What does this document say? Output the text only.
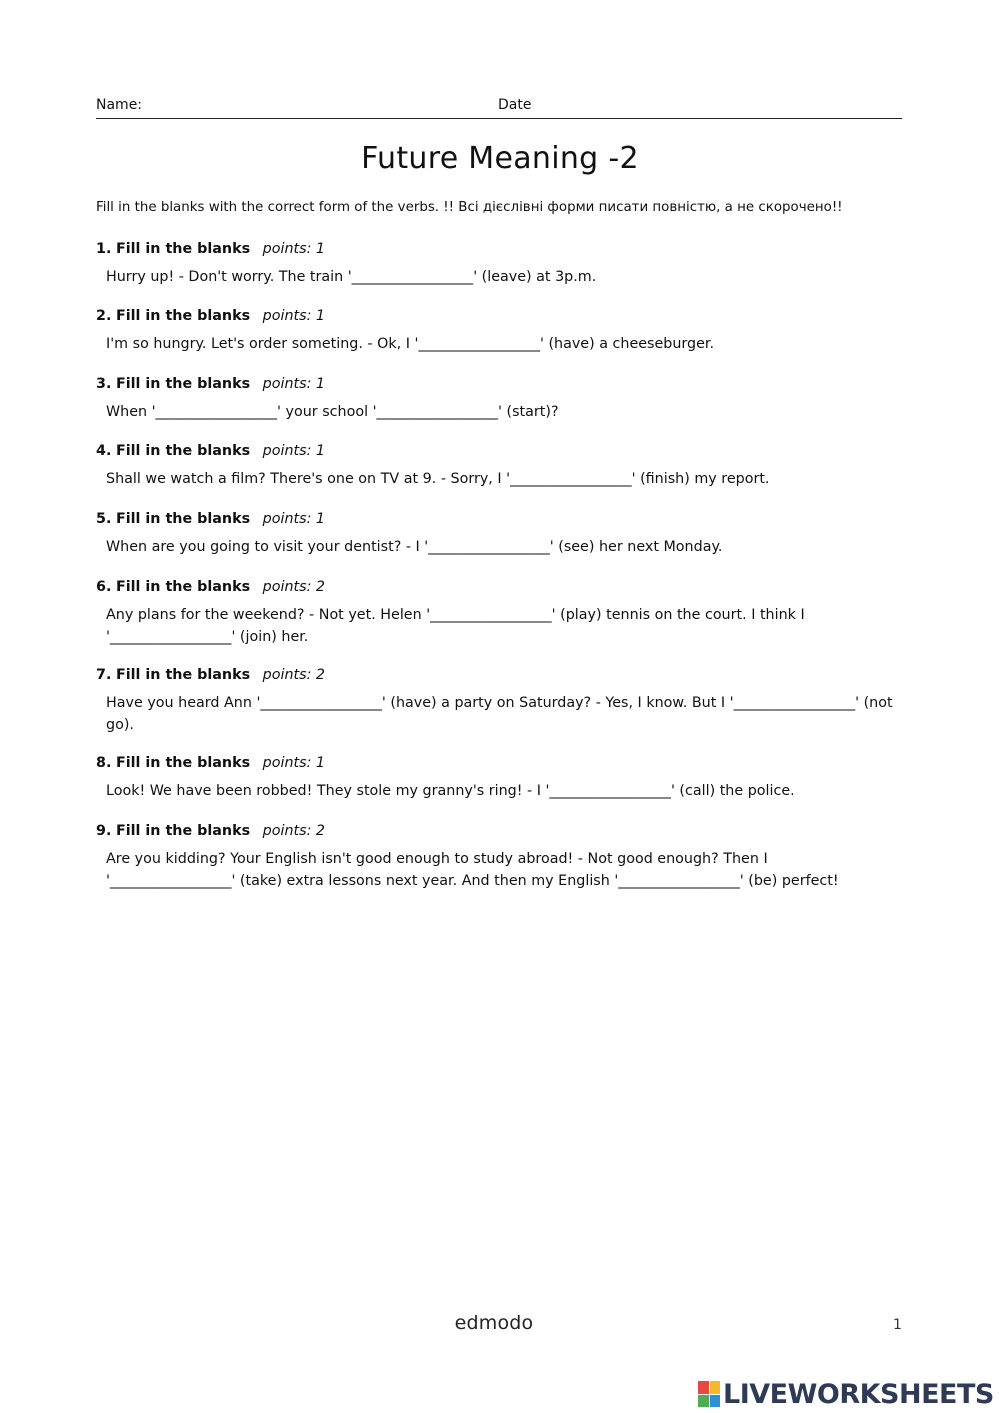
Name:	Date
Future Meaning -2
Fill in the blanks with the correct form of the verbs. !! Всі дієслівні форми писати повністю, а не скорочено!!
1. Fill in the blanks points: 1
Hurry up! - Don't worry. The train '_________________' (leave) at 3p.m.
2. Fill in the blanks points: 1
I'm so hungry. Let's order someting. - Ok, I '_________________' (have) a cheeseburger.
3. Fill in the blanks points: 1
When '_________________' your school '_________________' (start)?
4. Fill in the blanks points: 1
Shall we watch a film? There's one on TV at 9. - Sorry, I '_________________' (finish) my report.
5. Fill in the blanks points: 1
When are you going to visit your dentist? - I '_________________' (see) her next Monday.
6. Fill in the blanks points: 2
Any plans for the weekend? - Not yet. Helen '_________________' (play) tennis on the court. I think I '_________________' (join) her.
7. Fill in the blanks points: 2
Have you heard Ann '_________________' (have) a party on Saturday? - Yes, I know. But I '_________________' (not go).
8. Fill in the blanks points: 1
Look! We have been robbed! They stole my granny's ring! - I '_________________' (call) the police.
9. Fill in the blanks points: 2
Are you kidding? Your English isn't good enough to study abroad! - Not good enough? Then I '_________________' (take) extra lessons next year. And then my English '_________________' (be) perfect!
edmodo	1
LIVEWORKSHEETS
